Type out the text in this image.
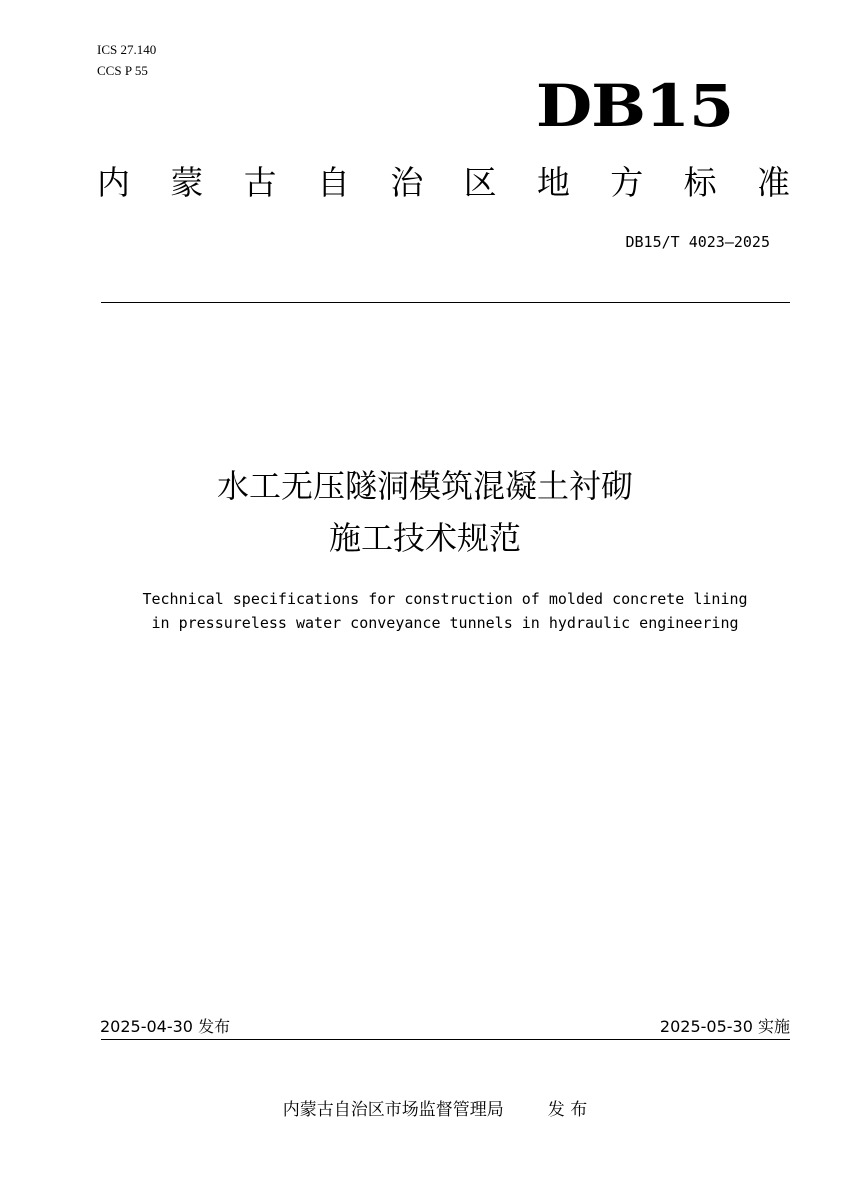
ICS 27.140
CCS P 55
DB15
内 蒙 古 自 治 区 地 方 标 准
DB15/T 4023—2025
水工无压隧洞模筑混凝土衬砌
施工技术规范
Technical specifications for construction of molded concrete lining
in pressureless water conveyance tunnels in hydraulic engineering
2025-04-30 发布	2025-05-30 实施
内蒙古自治区市场监督管理局	发 布
